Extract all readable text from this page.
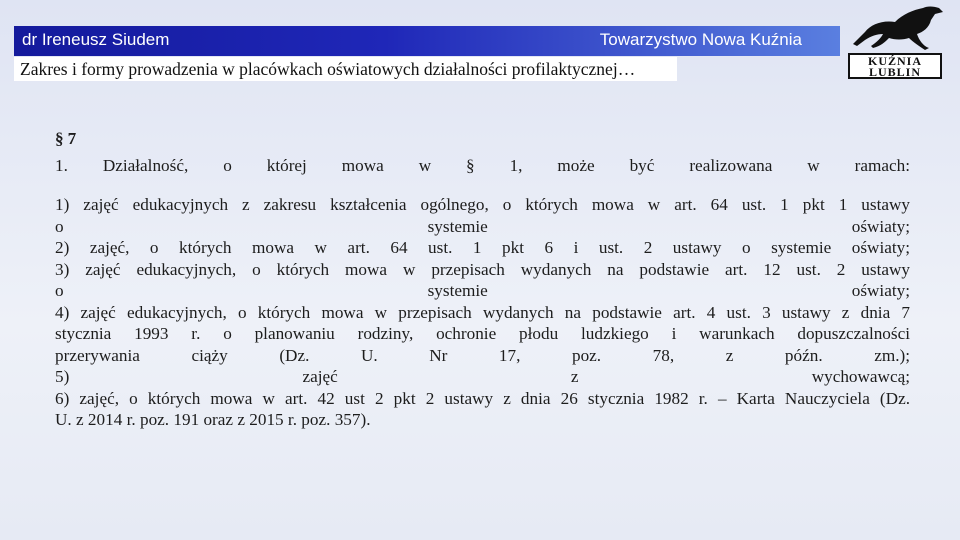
dr Ireneusz Siudem	Towarzystwo Nowa Kuźnia
Zakres i formy prowadzenia w placówkach oświatowych działalności profilaktycznej…	KUŹNIA
LUBLIN
§ 7
1. Działalność, o której mowa w § 1, może być realizowana w ramach:
1) zajęć edukacyjnych z zakresu kształcenia ogólnego, o których mowa w art. 64 ust. 1 pkt 1 ustawy
o systemie oświaty;
2) zajęć, o których mowa w art. 64 ust. 1 pkt 6 i ust. 2 ustawy o systemie oświaty;
3) zajęć edukacyjnych, o których mowa w przepisach wydanych na podstawie art. 12 ust. 2 ustawy
o systemie oświaty;
4) zajęć edukacyjnych, o których mowa w przepisach wydanych na podstawie art. 4 ust. 3 ustawy z dnia 7
stycznia 1993 r. o planowaniu rodziny, ochronie płodu ludzkiego i warunkach dopuszczalności
przerywania ciąży (Dz. U. Nr 17, poz. 78, z późn. zm.);
5) zajęć z wychowawcą;
6) zajęć, o których mowa w art. 42 ust 2 pkt 2 ustawy z dnia 26 stycznia 1982 r. – Karta Nauczyciela (Dz.
U. z 2014 r. poz. 191 oraz z 2015 r. poz. 357).
